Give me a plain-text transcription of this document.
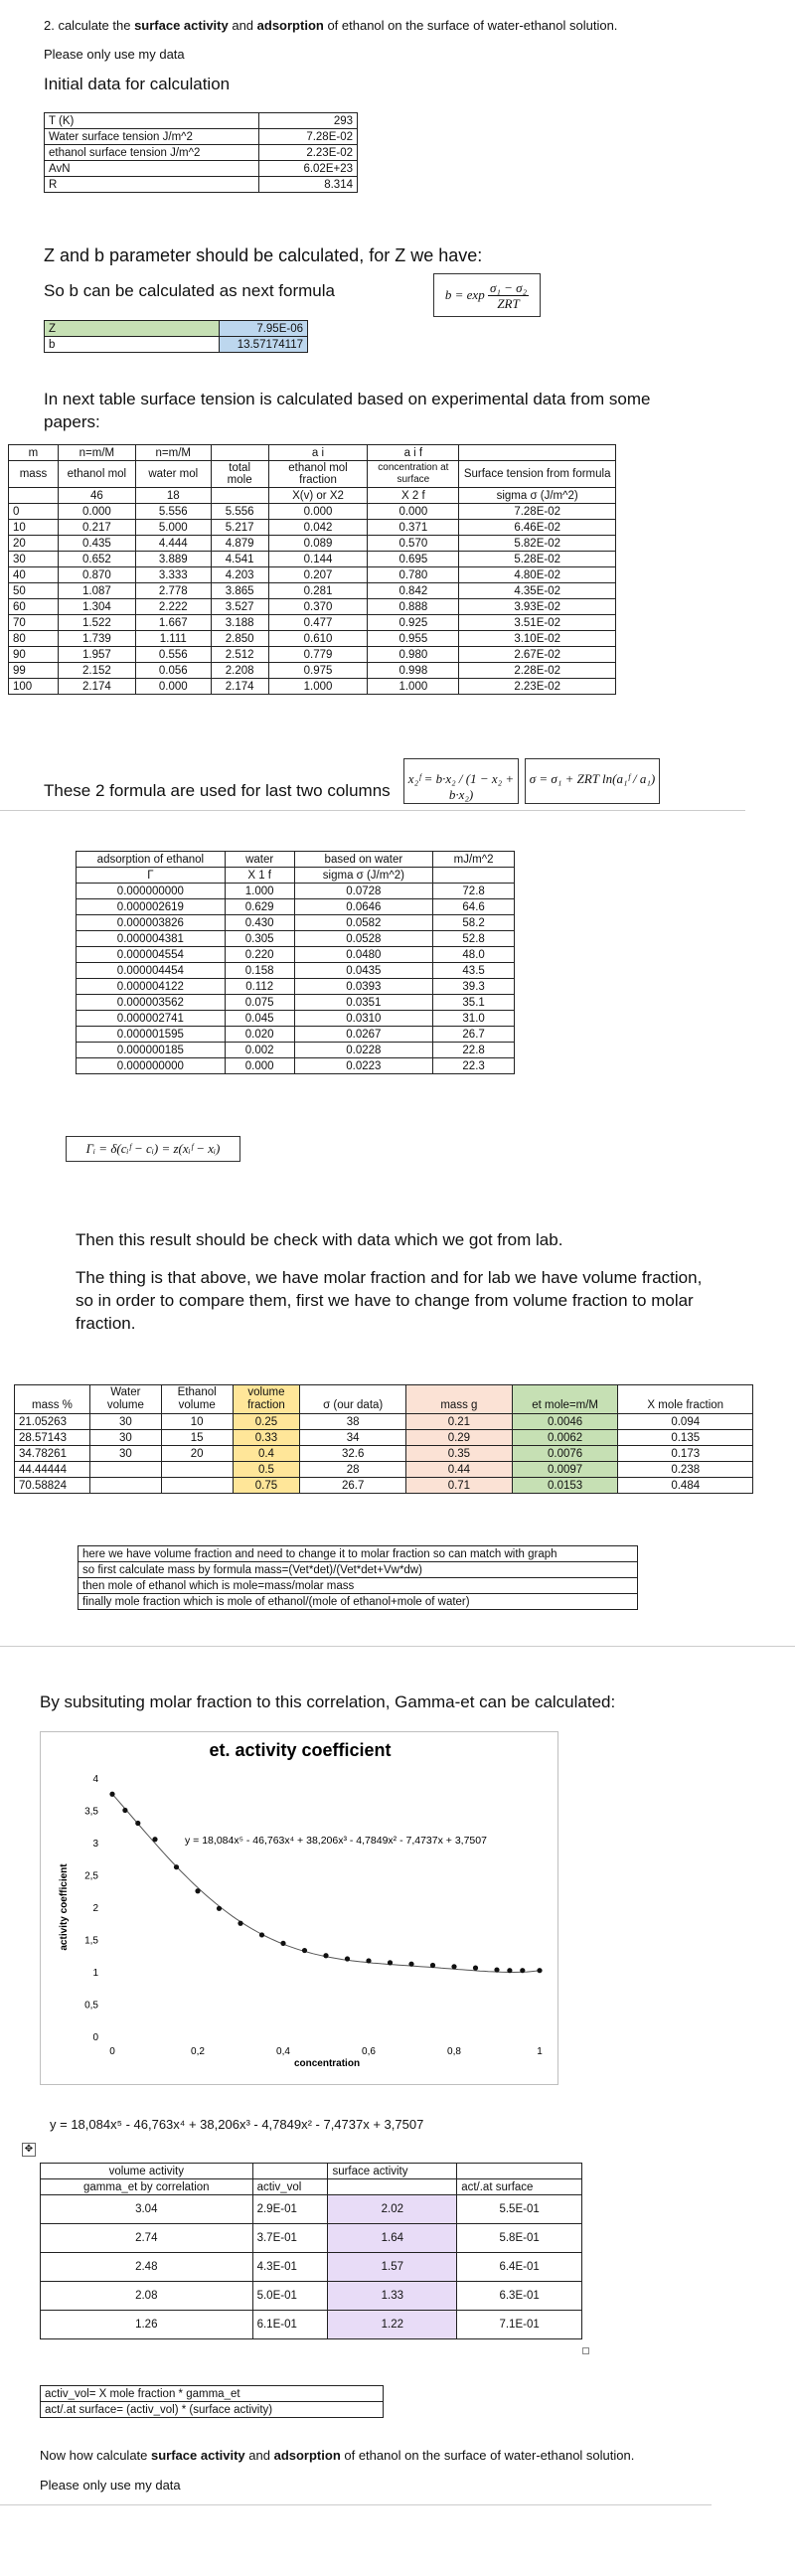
2. calculate the surface activity and adsorption of ethanol on the surface of water-ethanol solution.
Please only use my data
Initial data for calculation
T (K)	293
Water surface tension J/m^2	7.28E-02
ethanol surface tension J/m^2	2.23E-02
AvN	6.02E+23
R	8.314
Z and b parameter should be calculated, for Z we have:
So b can be calculated as next formula	$b = \exp \frac{\text{σ₁ − σ₂}}{\text{ZRT}}$
Z	7.95E-06
b	13.57174117
In next table surface tension is calculated based on experimental data from some papers:
m	n=m/M	n=m/M		a i	a i f	
mass	ethanol mol	water mol	total mole	ethanol mol fraction	concentration at surface	Surface tension from formula
	46	18		X(v) or X2	X 2 f	sigma σ (J/m^2)
0	0.000	5.556	5.556	0.000	0.000	7.28E-02
10	0.217	5.000	5.217	0.042	0.371	6.46E-02
20	0.435	4.444	4.879	0.089	0.570	5.82E-02
30	0.652	3.889	4.541	0.144	0.695	5.28E-02
40	0.870	3.333	4.203	0.207	0.780	4.80E-02
50	1.087	2.778	3.865	0.281	0.842	4.35E-02
60	1.304	2.222	3.527	0.370	0.888	3.93E-02
70	1.522	1.667	3.188	0.477	0.925	3.51E-02
80	1.739	1.111	2.850	0.610	0.955	3.10E-02
90	1.957	0.556	2.512	0.779	0.980	2.67E-02
99	2.152	0.056	2.208	0.975	0.998	2.28E-02
100	2.174	0.000	2.174	1.000	1.000	2.23E-02
These 2 formula are used for last two columns
x₂ᶠ = b·x₂ / (1 − x₂ + b·x₂)
σ = σ₁ + ZRT ln(a₁ᶠ / a₁)
adsorption of ethanol	water	based on water	mJ/m^2
Γ	X 1 f	sigma σ (J/m^2)	
0.000000000	1.000	0.0728	72.8
0.000002619	0.629	0.0646	64.6
0.000003826	0.430	0.0582	58.2
0.000004381	0.305	0.0528	52.8
0.000004554	0.220	0.0480	48.0
0.000004454	0.158	0.0435	43.5
0.000004122	0.112	0.0393	39.3
0.000003562	0.075	0.0351	35.1
0.000002741	0.045	0.0310	31.0
0.000001595	0.020	0.0267	26.7
0.000000185	0.002	0.0228	22.8
0.000000000	0.000	0.0223	22.3
Γᵢ = δ(cᵢᶠ − cᵢ) = z(xᵢᶠ − xᵢ)
Then this result should be check with data which we got from lab.
The thing is that above, we have molar fraction and for lab we have volume fraction, so in order to compare them, first we have to change from volume fraction to molar fraction.
mass %	Water volume	Ethanol volume	volume fraction	σ (our data)	mass g	et mole=m/M	X mole fraction
21.05263	30	10	0.25	38	0.21	0.0046	0.094
28.57143	30	15	0.33	34	0.29	0.0062	0.135
34.78261	30	20	0.4	32.6	0.35	0.0076	0.173
44.44444			0.5	28	0.44	0.0097	0.238
70.58824			0.75	26.7	0.71	0.0153	0.484
here we have volume fraction and need to change it to molar fraction so can match with graph
so first calculate mass by formula mass=(Vet*det)/(Vet*det+Vw*dw)
then mole of ethanol which is mole=mass/molar mass
finally mole fraction which is mole of ethanol/(mole of ethanol+mole of water)
By subsituting molar fraction to this correlation, Gamma-et can be calculated:
et. activity coefficient
concentration
activity coefficient
0
0,5
1
1,5
2
2,5
3
3,5
4
0	0,2	0,4	0,6	0,8	1
y = 18,084x⁵ - 46,763x⁴ + 38,206x³ - 4,7849x² - 7,4737x + 3,7507
y = 18,084x⁵ - 46,763x⁴ + 38,206x³ - 4,7849x² - 7,4737x + 3,7507
✥
volume activity		surface activity	
gamma_et by correlation	activ_vol		act/.at surface
3.04	2.9E-01	2.02	5.5E-01
2.74	3.7E-01	1.64	5.8E-01
2.48	4.3E-01	1.57	6.4E-01
2.08	5.0E-01	1.33	6.3E-01
1.26	6.1E-01	1.22	7.1E-01
activ_vol= X mole fraction * gamma_et
act/.at surface= (activ_vol) * (surface activity)
Now how calculate surface activity and adsorption of ethanol on the surface of water-ethanol solution.
Please only use my data
